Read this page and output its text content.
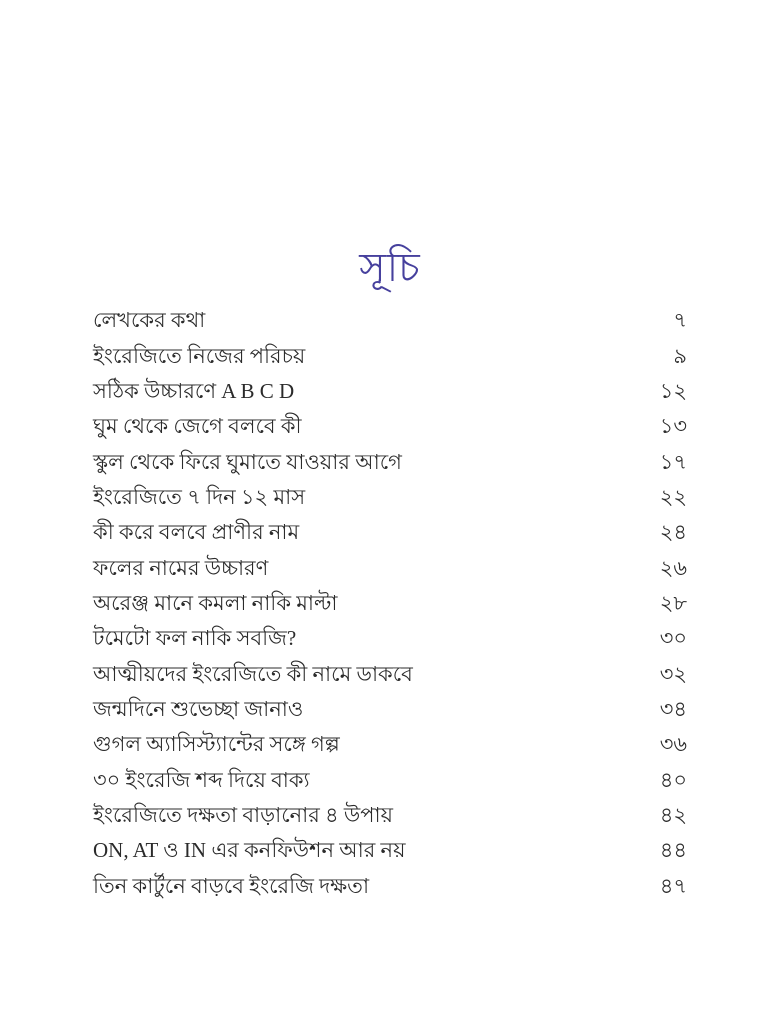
সূচি
লেখকের কথা	৭
ইংরেজিতে নিজের পরিচয়	৯
সঠিক উচ্চারণে A B C D	১২
ঘুম থেকে জেগে বলবে কী	১৩
স্কুল থেকে ফিরে ঘুমাতে যাওয়ার আগে	১৭
ইংরেজিতে ৭ দিন ১২ মাস	২২
কী করে বলবে প্রাণীর নাম	২৪
ফলের নামের উচ্চারণ	২৬
অরেঞ্জ মানে কমলা নাকি মাল্টা	২৮
টমেটো ফল নাকি সবজি?	৩০
আত্মীয়দের ইংরেজিতে কী নামে ডাকবে	৩২
জন্মদিনে শুভেচ্ছা জানাও	৩৪
গুগল অ্যাসিস্ট্যান্টের সঙ্গে গল্প	৩৬
৩০ ইংরেজি শব্দ দিয়ে বাক্য	৪০
ইংরেজিতে দক্ষতা বাড়ানোর ৪ উপায়	৪২
ON, AT ও IN এর কনফিউশন আর নয়	৪৪
তিন কার্টুনে বাড়বে ইংরেজি দক্ষতা	৪৭
